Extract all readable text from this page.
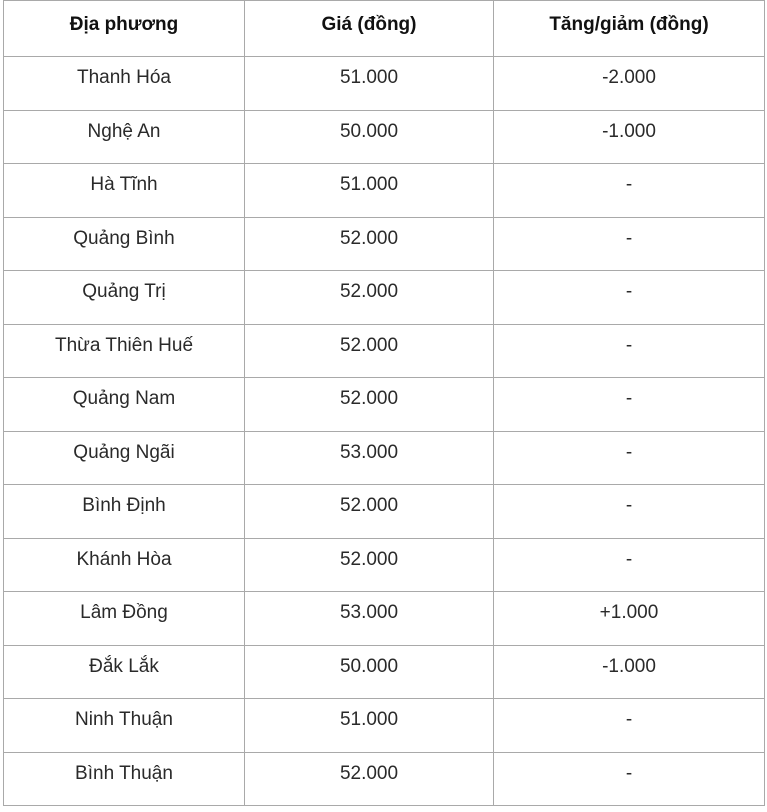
Địa phương	Giá (đồng)	Tăng/giảm (đồng)
Thanh Hóa	51.000	-2.000
Nghệ An	50.000	-1.000
Hà Tĩnh	51.000	-
Quảng Bình	52.000	-
Quảng Trị	52.000	-
Thừa Thiên Huế	52.000	-
Quảng Nam	52.000	-
Quảng Ngãi	53.000	-
Bình Định	52.000	-
Khánh Hòa	52.000	-
Lâm Đồng	53.000	+1.000
Đắk Lắk	50.000	-1.000
Ninh Thuận	51.000	-
Bình Thuận	52.000	-
